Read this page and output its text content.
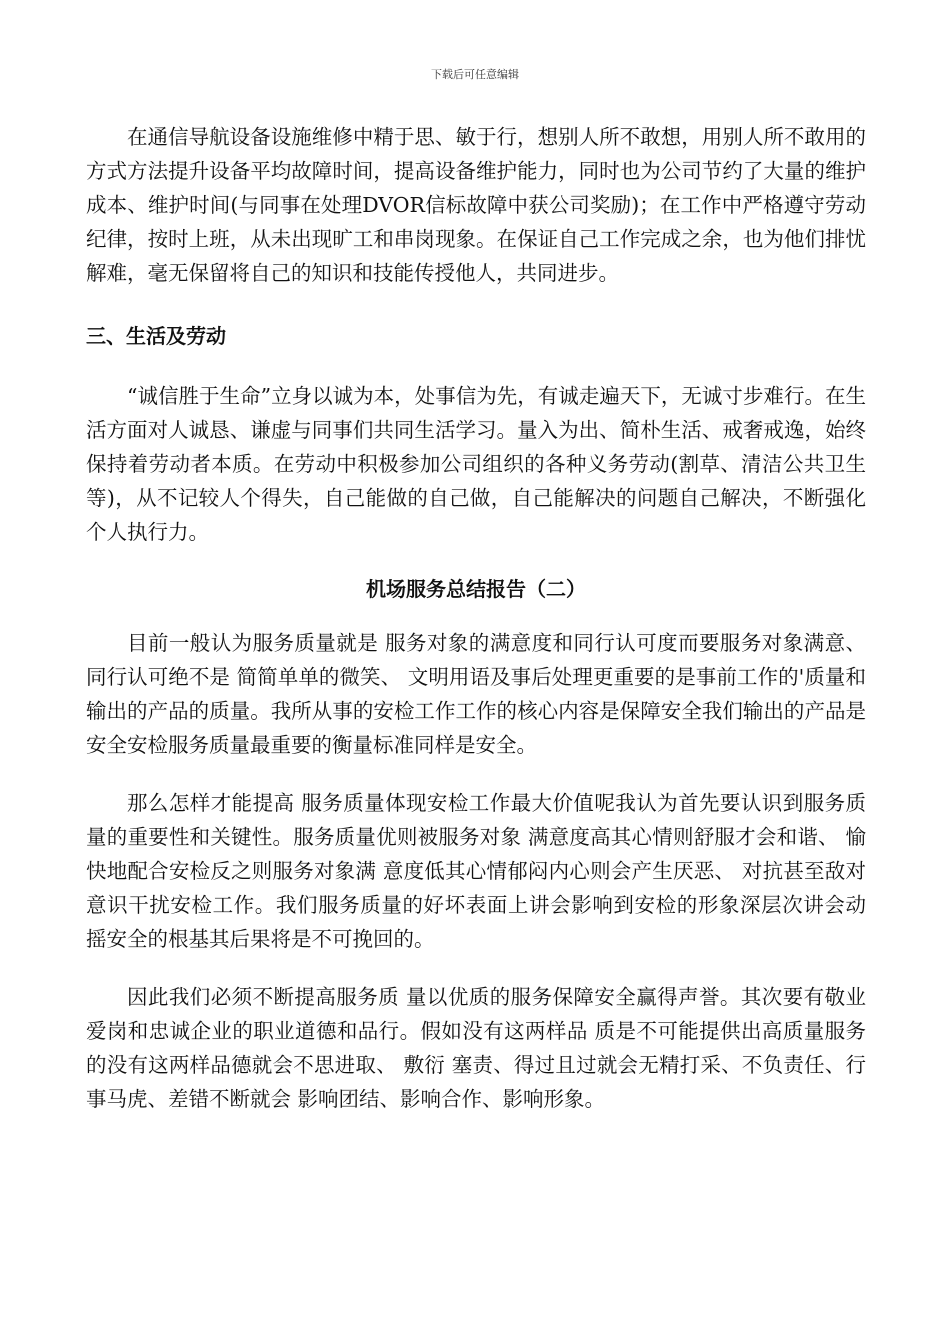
下载后可任意编辑

在通信导航设备设施维修中精于思、敏于行，想别人所不敢想，用别人所不敢用的方式方法提升设备平均故障时间，提高设备维护能力，同时也为公司节约了大量的维护成本、维护时间(与同事在处理DVOR信标故障中获公司奖励)；在工作中严格遵守劳动纪律，按时上班，从未出现旷工和串岗现象。在保证自己工作完成之余，也为他们排忧解难，毫无保留将自己的知识和技能传授他人，共同进步。

三、生活及劳动

“诚信胜于生命”立身以诚为本，处事信为先，有诚走遍天下，无诚寸步难行。在生活方面对人诚恳、谦虚与同事们共同生活学习。量入为出、简朴生活、戒奢戒逸，始终保持着劳动者本质。在劳动中积极参加公司组织的各种义务劳动(割草、清洁公共卫生等)，从不记较人个得失，自己能做的自己做，自己能解决的问题自己解决，不断强化个人执行力。

机场服务总结报告（二）

目前一般认为服务质量就是 服务对象的满意度和同行认可度而要服务对象满意、 同行认可绝不是 简简单单的微笑、 文明用语及事后处理更重要的是事前工作的'质量和 输出的产品的质量。我所从事的安检工作工作的核心内容是保障安全我们输出的产品是 安全安检服务质量最重要的衡量标准同样是安全。

那么怎样才能提高 服务质量体现安检工作最大价值呢我认为首先要认识到服务质量的重要性和关键性。服务质量优则被服务对象 满意度高其心情则舒服才会和谐、 愉快地配合安检反之则服务对象满 意度低其心情郁闷内心则会产生厌恶、 对抗甚至敌对意识干扰安检工作。我们服务质量的好坏表面上讲会影响到安检的形象深层次讲会动 摇安全的根基其后果将是不可挽回的。

因此我们必须不断提高服务质 量以优质的服务保障安全赢得声誉。其次要有敬业爱岗和忠诚企业的职业道德和品行。假如没有这两样品 质是不可能提供出高质量服务的没有这两样品德就会不思进取、 敷衍 塞责、得过且过就会无精打采、不负责任、行事马虎、差错不断就会 影响团结、影响合作、影响形象。
